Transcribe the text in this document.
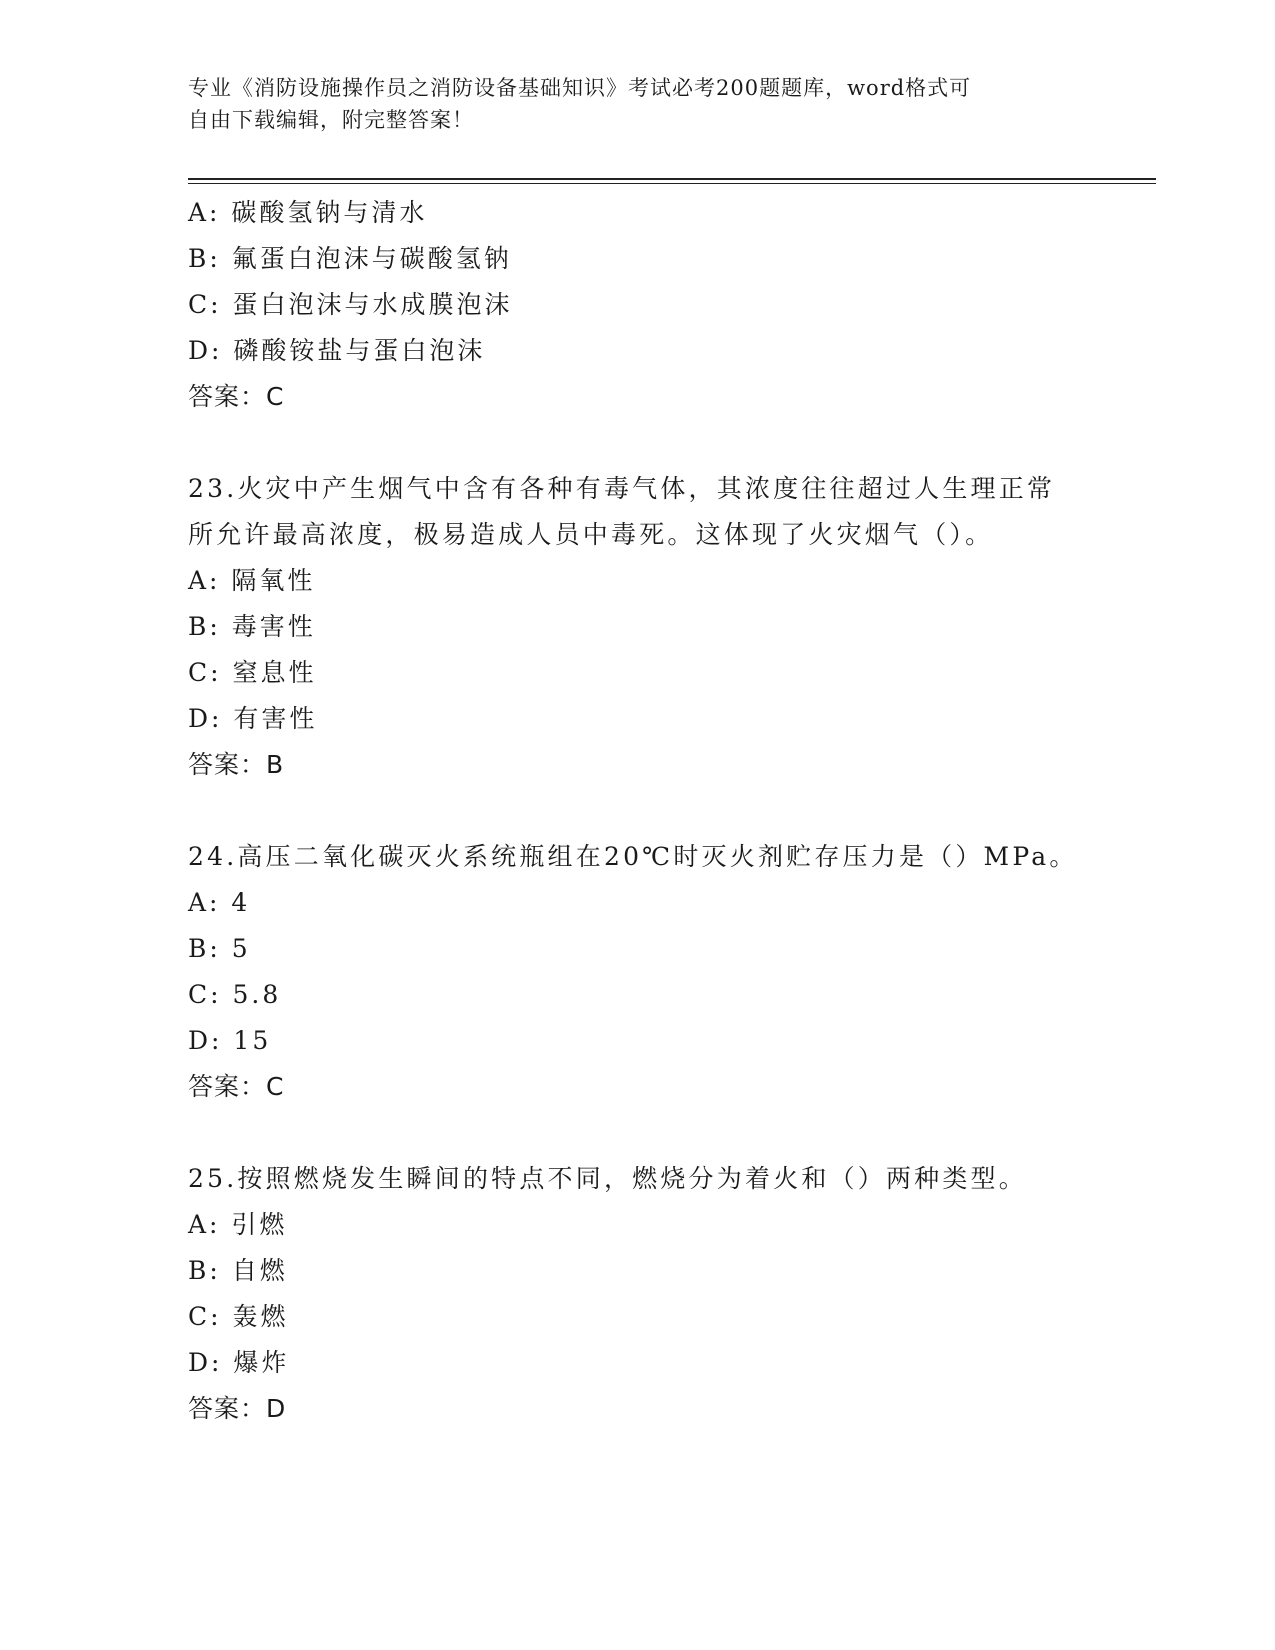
专业《消防设施操作员之消防设备基础知识》考试必考200题题库，word格式可
自由下载编辑，附完整答案！
A: 碳酸氢钠与清水
B: 氟蛋白泡沫与碳酸氢钠
C: 蛋白泡沫与水成膜泡沫
D: 磷酸铵盐与蛋白泡沫
答案：C
23.火灾中产生烟气中含有各种有毒气体，其浓度往往超过人生理正常
所允许最高浓度，极易造成人员中毒死。这体现了火灾烟气（）。
A: 隔氧性
B: 毒害性
C: 窒息性
D: 有害性
答案：B
24.高压二氧化碳灭火系统瓶组在20℃时灭火剂贮存压力是（）MPa。
A: 4
B: 5
C: 5.8
D: 15
答案：C
25.按照燃烧发生瞬间的特点不同，燃烧分为着火和（）两种类型。
A: 引燃
B: 自燃
C: 轰燃
D: 爆炸
答案：D
